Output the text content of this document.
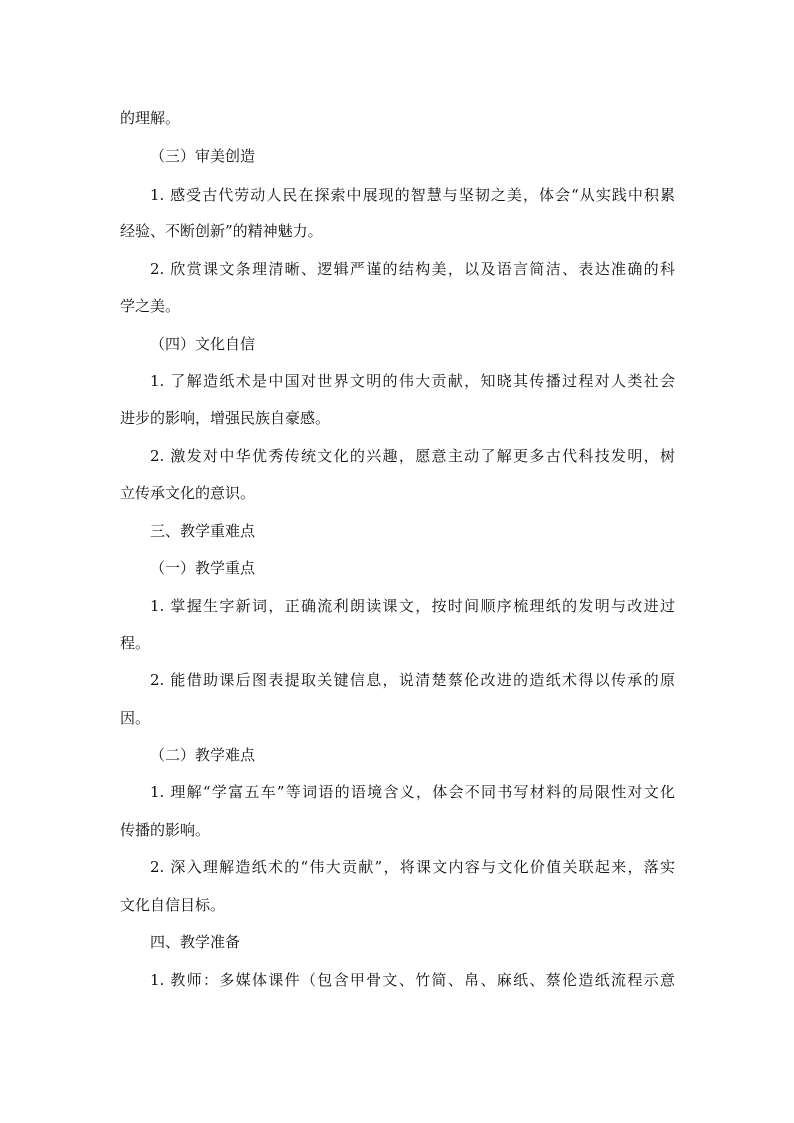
的理解。
（三）审美创造
1. 感受古代劳动人民在探索中展现的智慧与坚韧之美，体会“从实践中积累
经验、不断创新”的精神魅力。
2. 欣赏课文条理清晰、逻辑严谨的结构美，以及语言简洁、表达准确的科
学之美。
（四）文化自信
1. 了解造纸术是中国对世界文明的伟大贡献，知晓其传播过程对人类社会
进步的影响，增强民族自豪感。
2. 激发对中华优秀传统文化的兴趣，愿意主动了解更多古代科技发明，树
立传承文化的意识。
三、教学重难点
（一）教学重点
1. 掌握生字新词，正确流利朗读课文，按时间顺序梳理纸的发明与改进过
程。
2. 能借助课后图表提取关键信息，说清楚蔡伦改进的造纸术得以传承的原
因。
（二）教学难点
1. 理解“学富五车”等词语的语境含义，体会不同书写材料的局限性对文化
传播的影响。
2. 深入理解造纸术的“伟大贡献”，将课文内容与文化价值关联起来，落实
文化自信目标。
四、教学准备
1. 教师：多媒体课件（包含甲骨文、竹简、帛、麻纸、蔡伦造纸流程示意
